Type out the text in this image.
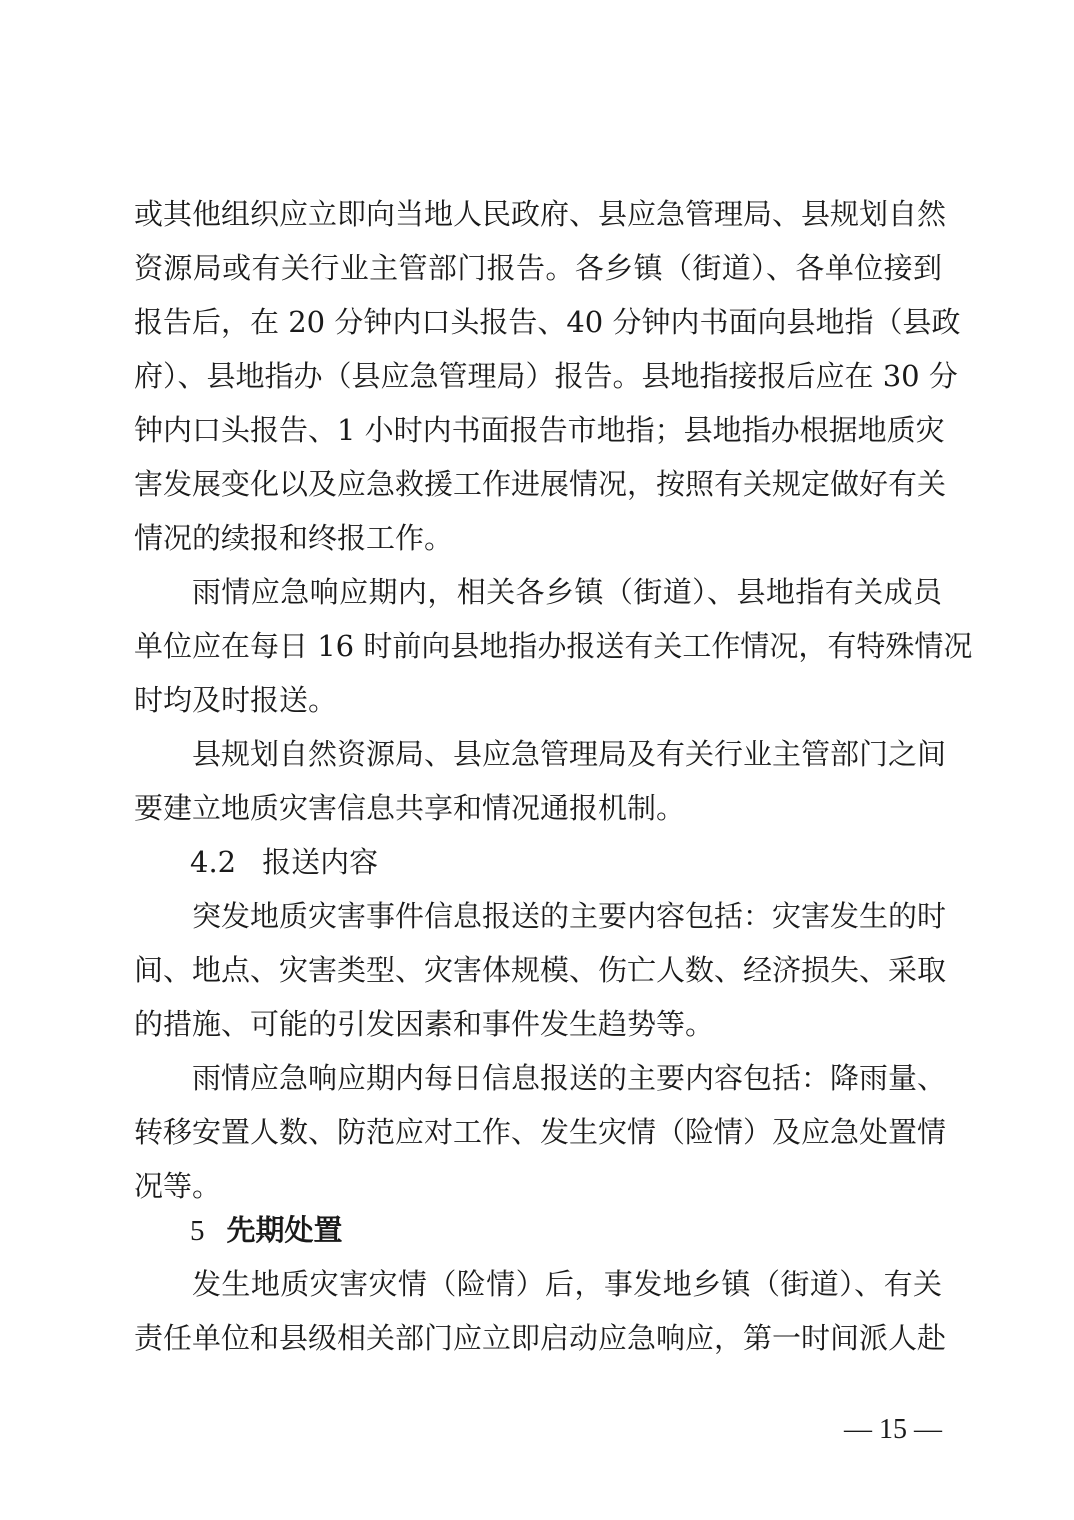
或其他组织应立即向当地人民政府、县应急管理局、县规划自然
资源局或有关行业主管部门报告。各乡镇（街道）、各单位接到
报告后，在 20 分钟内口头报告、40 分钟内书面向县地指（县政
府）、县地指办（县应急管理局）报告。县地指接报后应在 30 分
钟内口头报告、1 小时内书面报告市地指；县地指办根据地质灾
害发展变化以及应急救援工作进展情况，按照有关规定做好有关
情况的续报和终报工作。
雨情应急响应期内，相关各乡镇（街道）、县地指有关成员
单位应在每日 16 时前向县地指办报送有关工作情况，有特殊情况
时均及时报送。
县规划自然资源局、县应急管理局及有关行业主管部门之间
要建立地质灾害信息共享和情况通报机制。
4.2 报送内容
突发地质灾害事件信息报送的主要内容包括：灾害发生的时
间、地点、灾害类型、灾害体规模、伤亡人数、经济损失、采取
的措施、可能的引发因素和事件发生趋势等。
雨情应急响应期内每日信息报送的主要内容包括：降雨量、
转移安置人数、防范应对工作、发生灾情（险情）及应急处置情
况等。
5 先期处置
发生地质灾害灾情（险情）后，事发地乡镇（街道）、有关
责任单位和县级相关部门应立即启动应急响应，第一时间派人赴
— 15 —
